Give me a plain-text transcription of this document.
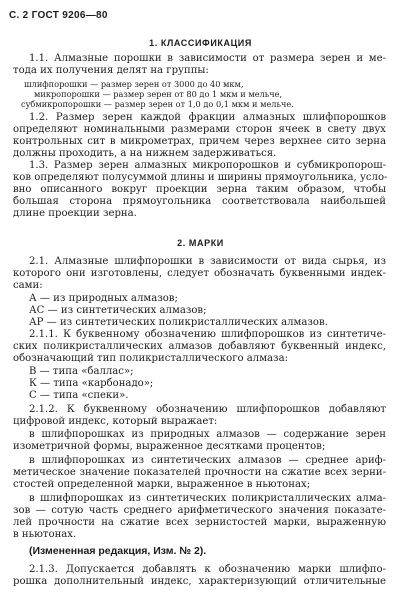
С. 2 ГОСТ 9206—80
1. КЛАССИФИКАЦИЯ
1.1. Алмазные порошки в зависимости от размера зерен и ме-
тода их получения делят на группы:
шлифпорошки — размер зерен от 3000 до 40 мкм,
микропорошки — размер зерен от 80 до 1 мкм и мельче,
субмикропорошки — размер зерен от 1,0 до 0,1 мкм и мельче.
1.2. Размер зерен каждой фракции алмазных шлифпорошков
определяют номинальными размерами сторон ячеек в свету двух
контрольных сит в микрометрах, причем через верхнее сито зерна
должны проходить, а на нижнем задерживаться.
1.3. Размер зерен алмазных микропорошков и субмикропорош-
ков определяют полусуммой длины и ширины прямоугольника, усло-
вно описанного вокруг проекции зерна таким образом, чтобы
большая сторона прямоугольника соответствовала наибольшей
длине проекции зерна.
2. МАРКИ
2.1. Алмазные шлифпорошки в зависимости от вида сырья, из
которого они изготовлены, следует обозначать буквенными индек-
сами:
А — из природных алмазов;
АС — из синтетических алмазов;
АР — из синтетических поликристаллических алмазов.
2.1.1. К буквенному обозначению шлифпорошков из синтетиче-
ских поликристаллических алмазов добавляют буквенный индекс,
обозначающий тип поликристаллического алмаза:
В — типа «баллас»;
К — типа «карбонадо»;
С — типа «спеки».
2.1.2. К буквенному обозначению шлифпорошков добавляют
цифровой индекс, который выражает:
в шлифпорошках из природных алмазов — содержание зерен
изометричной формы, выраженное десятками процентов;
в шлифпорошках из синтетических алмазов — среднее ариф-
метическое значение показателей прочности на сжатие всех зерни-
стостей определенной марки, выраженное в ньютонах;
в шлифпорошках из синтетических поликристаллических алма-
зов — сотую часть среднего арифметического значения показате-
лей прочности на сжатие всех зернистостей марки, выраженную
в ньютонах.
(Измененная редакция, Изм. № 2).
2.1.3. Допускается добавлять к обозначению марки шлифпо-
рошка дополнительный индекс, характеризующий отличительные
